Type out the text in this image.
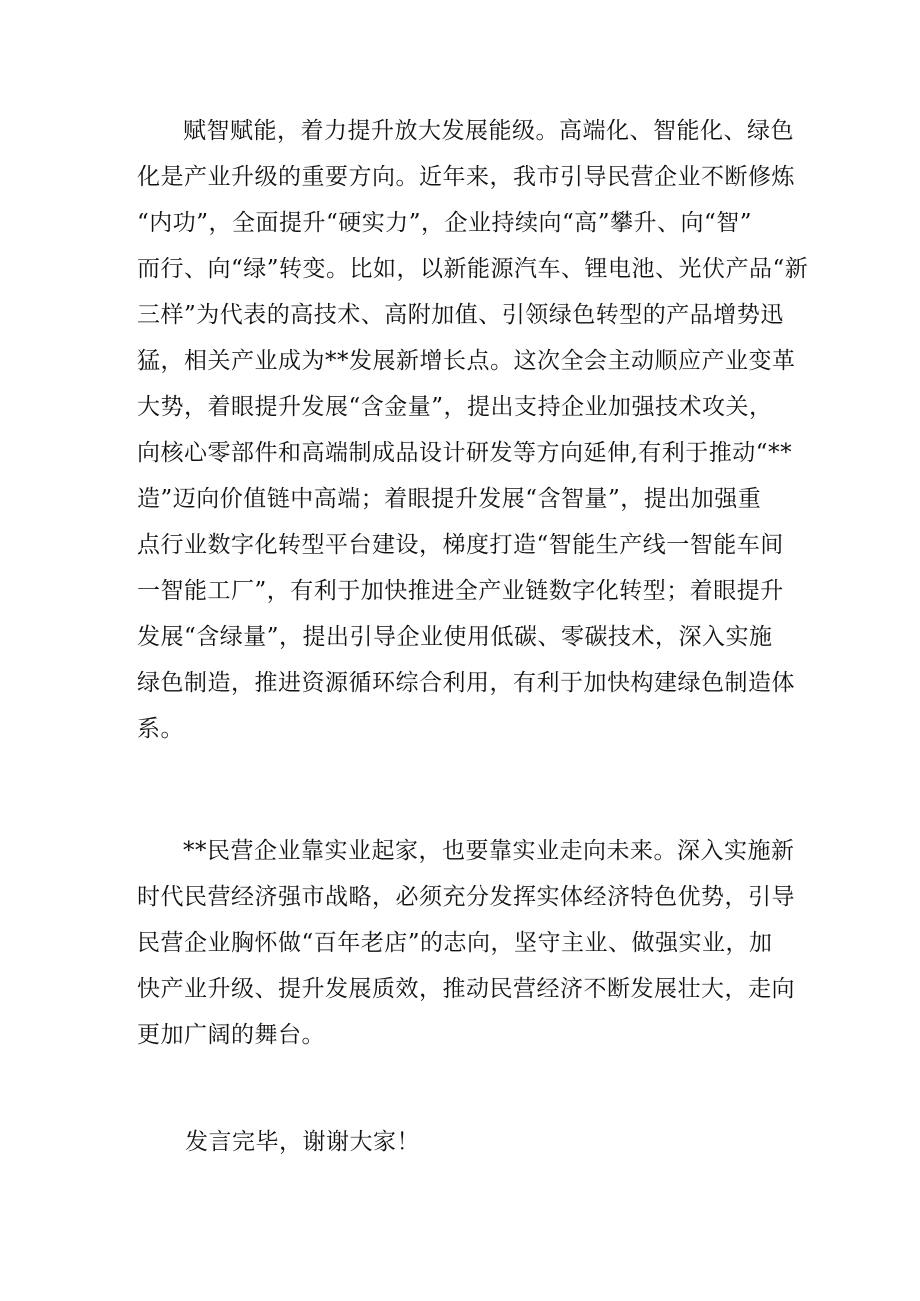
赋智赋能，着力提升放大发展能级。高端化、智能化、绿色
化是产业升级的重要方向。近年来，我市引导民营企业不断修炼
“内功”，全面提升“硬实力”，企业持续向“高”攀升、向“智”
而行、向“绿”转变。比如，以新能源汽车、锂电池、光伏产品“新
三样”为代表的高技术、高附加值、引领绿色转型的产品增势迅
猛，相关产业成为**发展新增长点。这次全会主动顺应产业变革
大势，着眼提升发展“含金量”，提出支持企业加强技术攻关，
向核心零部件和高端制成品设计研发等方向延伸,有利于推动“**
造”迈向价值链中高端；着眼提升发展“含智量”，提出加强重
点行业数字化转型平台建设，梯度打造“智能生产线一智能车间
一智能工厂”，有利于加快推进全产业链数字化转型；着眼提升
发展“含绿量”，提出引导企业使用低碳、零碳技术，深入实施
绿色制造，推进资源循环综合利用，有利于加快构建绿色制造体
系。

**民营企业靠实业起家，也要靠实业走向未来。深入实施新
时代民营经济强市战略，必须充分发挥实体经济特色优势，引导
民营企业胸怀做“百年老店”的志向，坚守主业、做强实业，加
快产业升级、提升发展质效，推动民营经济不断发展壮大，走向
更加广阔的舞台。

发言完毕，谢谢大家！
